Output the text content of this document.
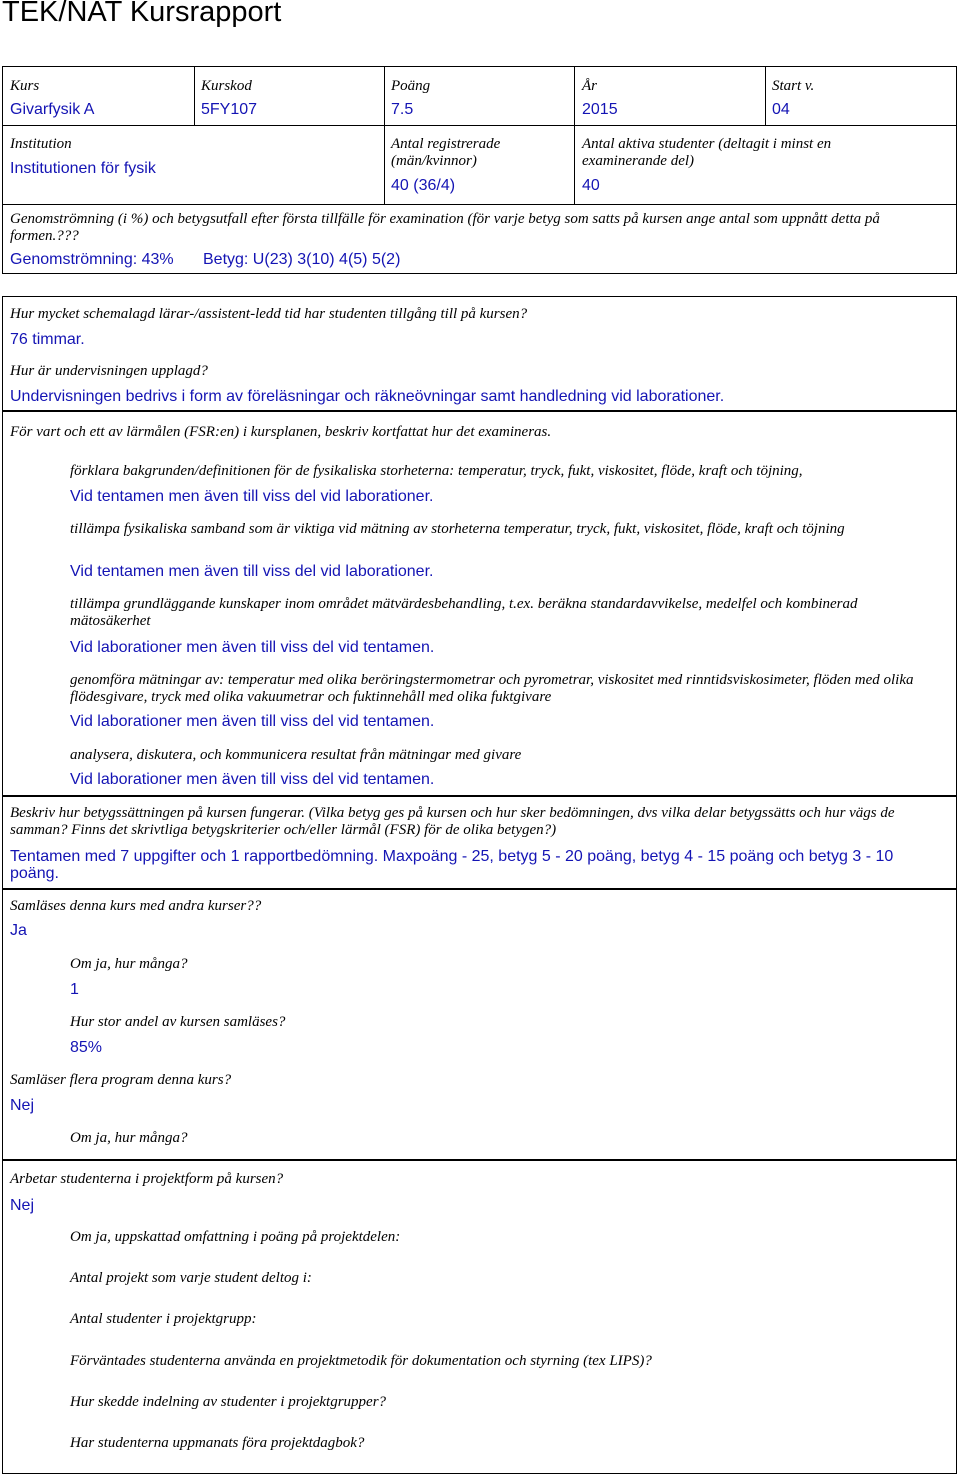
TEK/NAT Kursrapport
Kurs
Givarfysik A
Kurskod
5FY107
Poäng
7.5
År
2015
Start v.
04
Institution
Institutionen för fysik
Antal registrerade (män/kvinnor)
40 (36/4)
Antal aktiva studenter (deltagit i minst en examinerande del)
40
Genomströmning (i %) och betygsutfall efter första tillfälle för examination (för varje betyg som satts på kursen ange antal som uppnått detta på formen.???
Genomströmning: 43% Betyg: U(23) 3(10) 4(5) 5(2)
Hur mycket schemalagd lärar-/assistent-ledd tid har studenten tillgång till på kursen?
76 timmar.
Hur är undervisningen upplagd?
Undervisningen bedrivs i form av föreläsningar och räkneövningar samt handledning vid laborationer.
För vart och ett av lärmålen (FSR:en) i kursplanen, beskriv kortfattat hur det examineras.
förklara bakgrunden/definitionen för de fysikaliska storheterna: temperatur, tryck, fukt, viskositet, flöde, kraft och töjning,
Vid tentamen men även till viss del vid laborationer.
tillämpa fysikaliska samband som är viktiga vid mätning av storheterna temperatur, tryck, fukt, viskositet, flöde, kraft och töjning
Vid tentamen men även till viss del vid laborationer.
tillämpa grundläggande kunskaper inom området mätvärdesbehandling, t.ex. beräkna standardavvikelse, medelfel och kombinerad mätosäkerhet
Vid laborationer men även till viss del vid tentamen.
genomföra mätningar av: temperatur med olika beröringstermometrar och pyrometrar, viskositet med rinntidsviskosimeter, flöden med olika flödesgivare, tryck med olika vakuumetrar och fuktinnehåll med olika fuktgivare
Vid laborationer men även till viss del vid tentamen.
analysera, diskutera, och kommunicera resultat från mätningar med givare
Vid laborationer men även till viss del vid tentamen.
Beskriv hur betygssättningen på kursen fungerar. (Vilka betyg ges på kursen och hur sker bedömningen, dvs vilka delar betygssätts och hur vägs de samman? Finns det skrivtliga betygskriterier och/eller lärmål (FSR) för de olika betygen?)
Tentamen med 7 uppgifter och 1 rapportbedömning. Maxpoäng - 25, betyg 5 - 20 poäng, betyg 4 - 15 poäng och betyg 3 - 10 poäng.
Samläses denna kurs med andra kurser??
Ja
Om ja, hur många?
1
Hur stor andel av kursen samläses?
85%
Samläser flera program denna kurs?
Nej
Om ja, hur många?
Arbetar studenterna i projektform på kursen?
Nej
Om ja, uppskattad omfattning i poäng på projektdelen:
Antal projekt som varje student deltog i:
Antal studenter i projektgrupp:
Förväntades studenterna använda en projektmetodik för dokumentation och styrning (tex LIPS)?
Hur skedde indelning av studenter i projektgrupper?
Har studenterna uppmanats föra projektdagbok?
